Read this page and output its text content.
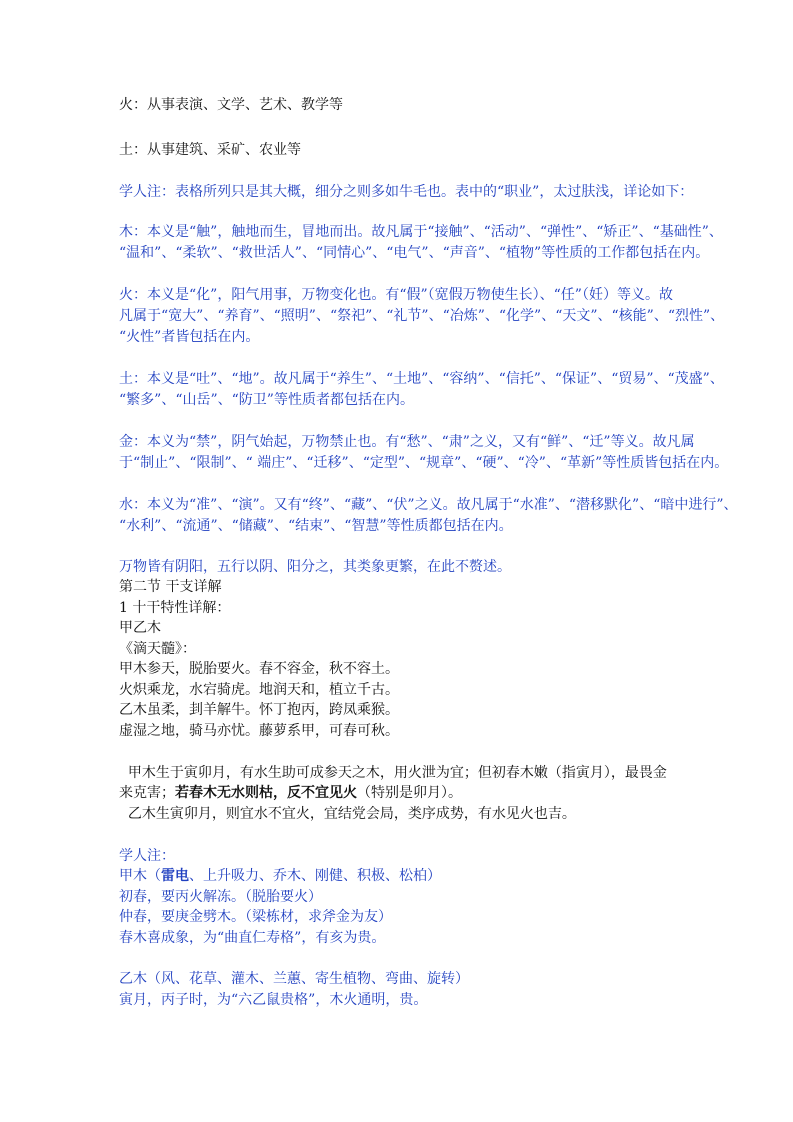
火：从事表演、文学、艺术、教学等
土：从事建筑、采矿、农业等
学人注：表格所列只是其大概，细分之则多如牛毛也。表中的“职业”，太过肤浅，详论如下：
木：本义是“触”，触地而生，冒地而出。故凡属于“接触”、“活动”、“弹性”、“矫正”、“基础性”、
“温和”、“柔软”、“救世活人”、“同情心”、“电气”、“声音”、“植物”等性质的工作都包括在内。
火：本义是“化”，阳气用事，万物变化也。有“假”（宽假万物使生长）、“任”（妊）等义。故
凡属于“宽大”、“养育”、“照明”、“祭祀”、“礼节”、“冶炼”、“化学”、“天文”、“核能”、“烈性”、
“火性”者皆包括在内。
土：本义是“吐”、“地”。故凡属于“养生”、“土地”、“容纳”、“信托”、“保证”、“贸易”、“茂盛”、
“繁多”、“山岳”、“防卫”等性质者都包括在内。
金：本义为“禁”，阴气始起，万物禁止也。有“愁”、“肃”之义，又有“鲜”、“迁”等义。故凡属
于“制止”、“限制”、“ 端庄”、“迁移”、“定型”、“规章”、“硬”、“冷”、“革新”等性质皆包括在内。
水：本义为“准”、“演”。又有“终”、“藏”、“伏”之义。故凡属于“水准”、“潜移默化”、“暗中进行”、
“水利”、“流通”、“储藏”、“结束”、“智慧”等性质都包括在内。
万物皆有阴阳，五行以阴、阳分之，其类象更繁，在此不赘述。
第二节 干支详解
1 十干特性详解：
甲乙木
《滴天髓》：
甲木参天，脱胎要火。春不容金，秋不容土。
火炽乘龙，水宕骑虎。地润天和，植立千古。
乙木虽柔，刲羊解牛。怀丁抱丙，跨凤乘猴。
虚湿之地，骑马亦忧。藤萝系甲，可春可秋。
甲木生于寅卯月，有水生助可成参天之木，用火泄为宜；但初春木嫩（指寅月），最畏金
来克害；若春木无水则枯，反不宜见火（特别是卯月）。
乙木生寅卯月，则宜水不宜火，宜结党会局，类序成势，有水见火也吉。
学人注：
甲木（雷电、上升吸力、乔木、刚健、积极、松柏）
初春，要丙火解冻。（脱胎要火）
仲春，要庚金劈木。（梁栋材，求斧金为友）
春木喜成象，为“曲直仁寿格”，有亥为贵。
乙木（风、花草、灌木、兰蕙、寄生植物、弯曲、旋转）
寅月，丙子时，为“六乙鼠贵格”，木火通明，贵。
